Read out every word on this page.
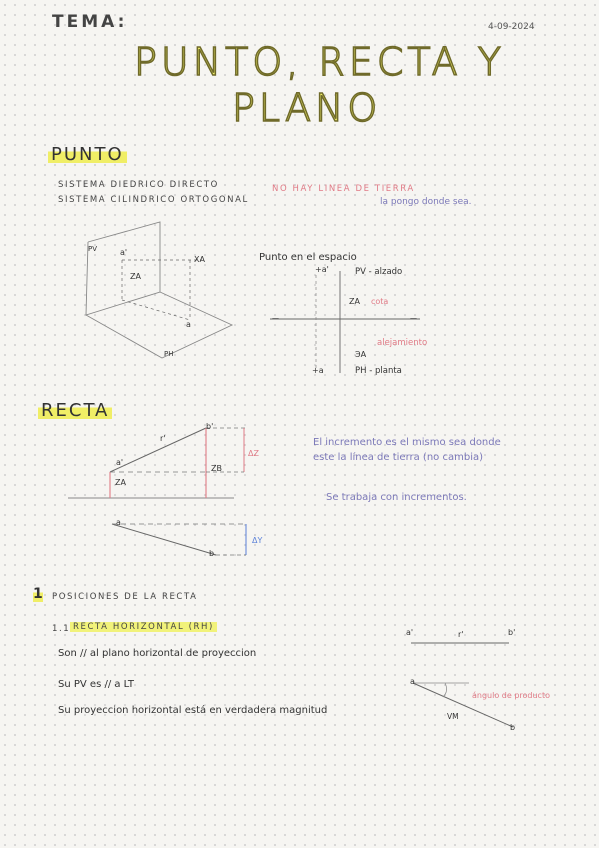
TEMA:	4-09-2024
PUNTO, RECTA Y
PLANO
PUNTO
SISTEMA DIEDRICO DIRECTO
SISTEMA CILINDRICO ORTOGONAL
NO HAY LINEA DE TIERRA
la pongo donde sea.
PV	a'
XA
ZA
a
PH
Punto en el espacio
+a'	PV - alzado
ZA cota
alejamiento
ЭA
+a	PH - planta
—	—
RECTA
b'
r'
a'
ZA
ZB
ΔZ
a
b
ΔY
El incremento es el mismo sea donde
este la línea de tierra (no cambia)
Se trabaja con incrementos.
1 POSICIONES DE LA RECTA
1.1 RECTA HORIZONTAL (RH)
Son // al plano horizontal de proyeccion
Su PV es // a LT
Su proyeccion horizontal está en verdadera magnitud
a'	r'	b'
a
ángulo de producto
VM
b
